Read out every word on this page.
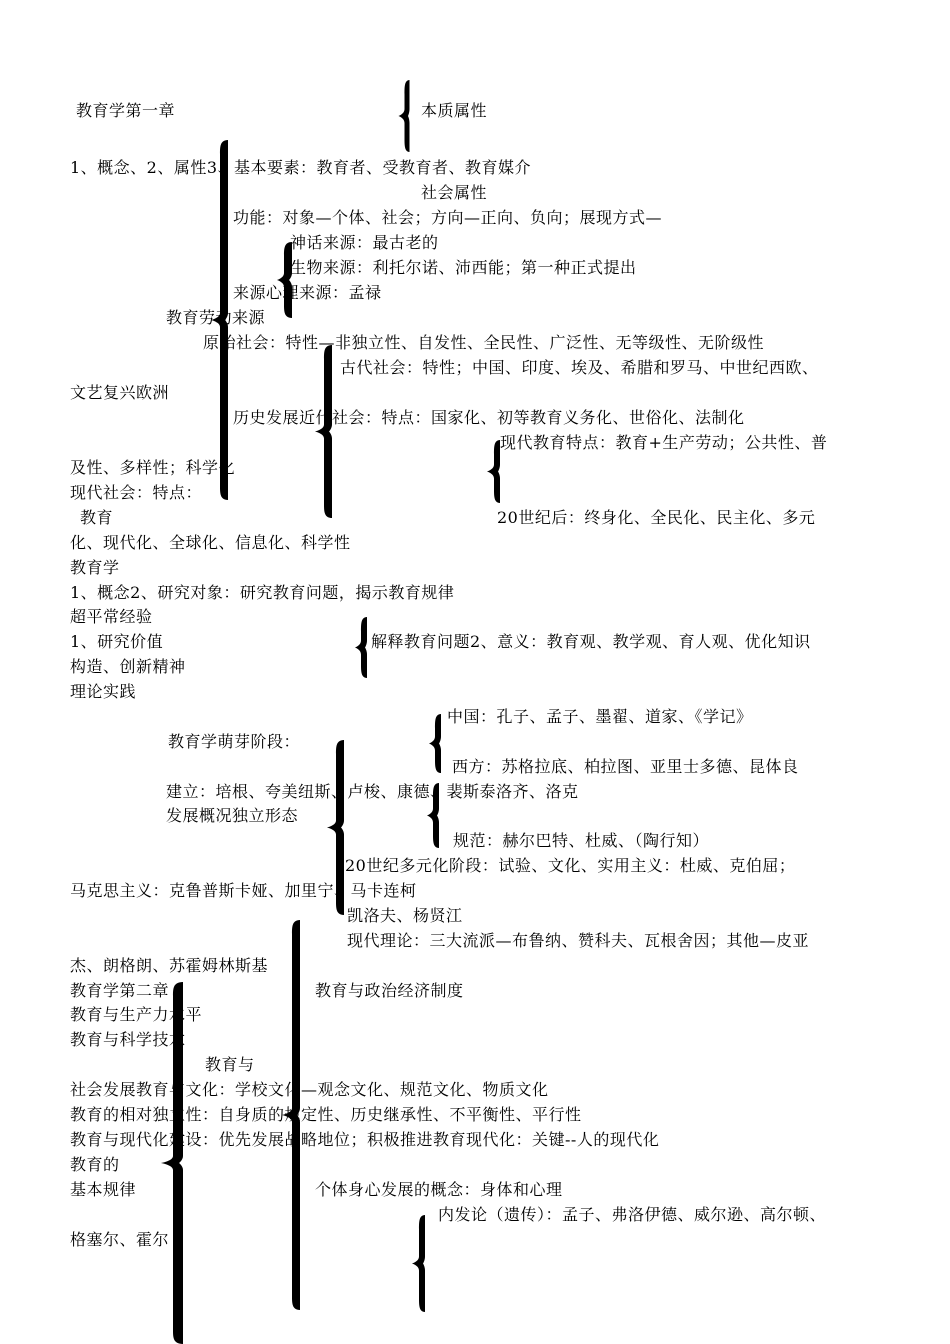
教育学第一章	本质属性
1、概念、2、属性3、基本要素：教育者、受教育者、教育媒介
社会属性
功能：对象—个体、社会；方向—正向、负向；展现方式—
神话来源：最古老的
生物来源：利托尔诺、沛西能；第一种正式提出
来源心理来源：孟禄
教育劳动来源
原始社会：特性—非独立性、自发性、全民性、广泛性、无等级性、无阶级性
古代社会：特性；中国、印度、埃及、希腊和罗马、中世纪西欧、
文艺复兴欧洲
历史发展近代社会：特点：国家化、初等教育义务化、世俗化、法制化
现代教育特点：教育+生产劳动；公共性、普
及性、多样性；科学化
现代社会：特点：
教育	20世纪后：终身化、全民化、民主化、多元
化、现代化、全球化、信息化、科学性
教育学
1、概念2、研究对象：研究教育问题，揭示教育规律
超平常经验
1、研究价值	解释教育问题2、意义：教育观、教学观、育人观、优化知识
构造、创新精神
理论实践
中国：孔子、孟子、墨翟、道家、《学记》
教育学萌芽阶段：
西方：苏格拉底、柏拉图、亚里士多德、昆体良
建立：培根、夸美纽斯、卢梭、康德、裴斯泰洛齐、洛克
发展概况独立形态
规范：赫尔巴特、杜威、（陶行知）
20世纪多元化阶段：试验、文化、实用主义：杜威、克伯屈；
马克思主义：克鲁普斯卡娅、加里宁、马卡连柯
凯洛夫、杨贤江
现代理论：三大流派—布鲁纳、赞科夫、瓦根舍因；其他—皮亚
杰、朗格朗、苏霍姆林斯基
教育学第二章	教育与政治经济制度
教育与生产力水平
教育与科学技术
教育与
社会发展教育与文化：学校文化—观念文化、规范文化、物质文化
教育的相对独立性：自身质的规定性、历史继承性、不平衡性、平行性
教育与现代化建设：优先发展战略地位；积极推进教育现代化：关键--人的现代化
教育的
基本规律	个体身心发展的概念：身体和心理
内发论（遗传）：孟子、弗洛伊德、威尔逊、高尔顿、
格塞尔、霍尔
